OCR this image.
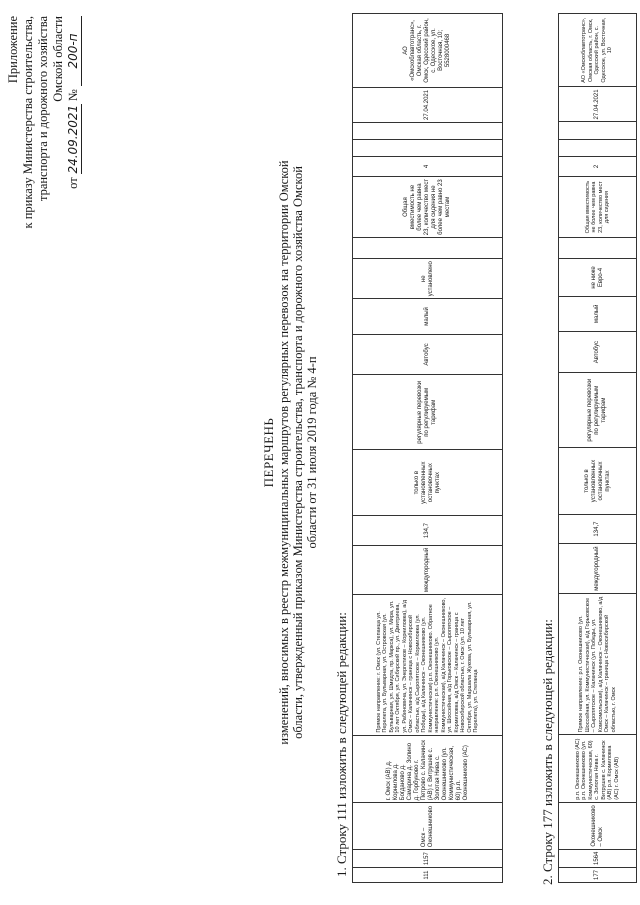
Приложение к приказу Министерства строительства, транспорта и дорожного хозяйства Омской области
от 24.09.2021 № 200-п
ПЕРЕЧЕНЬ изменений, вносимых в реестр межмуниципальных маршрутов регулярных перевозок на территории Омской области, утвержденный приказом Министерства строительства, транспорта и дорожного хозяйства Омской области от 31 июля 2019 года № 4-п
1. Строку 111 изложить в следующей редакции:	111	1157	Омск – Оконешниково	г. Омск (АВ) д. Корнилова д. Богданово д. Самарина д. Золино д. Горбуново г. Петрово с. Калачинск (АВ) г. Витрушев с. Золотая Нива с. Оконешниково (ул. Коммунистическая, 60) р.п. Оконешниково (АС)	Прямое направление: г. Омск (ул. Степанца ул. Перелета, ул. Бульварная, ул. Островская (ул. Бульварная, ул. Шмидта, пр. Маркса), ул. Мира, ул. 10 лет Октября, ул. Сибирский пр., ул. Дмитриева, ул. Рабиновича, ул. Энергетиков – Корниловка), а/д Омск – Калачинск – граница с Новосибирской областью, а/д Сыропятское – Кормиловка (ул. Победы), а/д Калачинск – Оконешниково (ул. Коммунистическая) р.п. Оконешниково. Обратное направление: р.п. Оконешниково (ул. Коммунистическая), а/д Калачинск – Оконешниково, ул. Шоссейная, а/д Горьковское – Сыропятское – Кормиловка, а/д Омск – Калачинск – граница с Новосибирской областью, г. Омск (ул. 10 лет Октября, ул. Маршала Жукова, ул. Бульварная, ул. Перелета), ул. Степанца	междугородный	134,7	только в установленных остановочных пунктах	регулярные перевозки по регулируемым тарифам	Автобус	малый	не установлено		Общая вместимость не более чем равна 23, количество мест для сидения не более чем равно 23 местам	4			27.04.2021	АО «Омскоблавтотранс», Омская область, г. Омск, Одесский район, с. Одесское, ул. Восточная, 10; 5528000468
2. Строку 177 изложить в следующей редакции:	177	1564	Оконешниково – Омск	р.п. Оконешниково (АС) р.п. Оконешниково (ул. Коммунистическая, 60) с. Золотая Нива г. Витрушев с. Калачинск (АВ) р.п. Кормиловка (АС) г. Омск (АВ)	Прямое направление: р.п. Оконешниково (ул. Шоссейная, ул. Коммунистическая), а/д Горьковское – Сыропятское – Калачинск (ул. Победы, ул. Комсомольская), а/д Калачинск – Оконешниково, а/д Омск – Калачинск – граница с Новосибирской областью, г. Омск	междугородный	134,7	только в установленных остановочных пунктах	регулярные перевозки по регулируемым тарифам	Автобус	малый	не ниже Евро-4		Общая вместимость не более чем равна 23, количество мест для сидения	2			27.04.2021	АО «Омскоблавтотранс», Омская область, г. Омск, Одесский район, с. Одесское, ул. Восточная, 10
